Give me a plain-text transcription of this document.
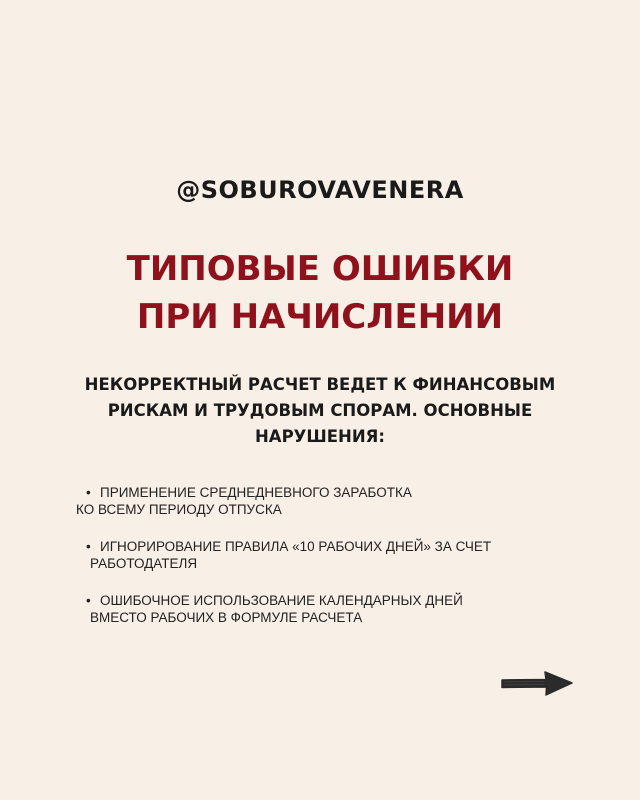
@SOBUROVAVENERA
ТИПОВЫЕ ОШИБКИ
ПРИ НАЧИСЛЕНИИ
НЕКОРРЕКТНЫЙ РАСЧЕТ ВЕДЕТ К ФИНАНСОВЫМ
РИСКАМ И ТРУДОВЫМ СПОРАМ. ОСНОВНЫЕ
НАРУШЕНИЯ:
• ПРИМЕНЕНИЕ СРЕДНЕДНЕВНОГО ЗАРАБОТКА
КО ВСЕМУ ПЕРИОДУ ОТПУСКА
• ИГНОРИРОВАНИЕ ПРАВИЛА «10 РАБОЧИХ ДНЕЙ» ЗА СЧЕТ
РАБОТОДАТЕЛЯ
• ОШИБОЧНОЕ ИСПОЛЬЗОВАНИЕ КАЛЕНДАРНЫХ ДНЕЙ
ВМЕСТО РАБОЧИХ В ФОРМУЛЕ РАСЧЕТА
